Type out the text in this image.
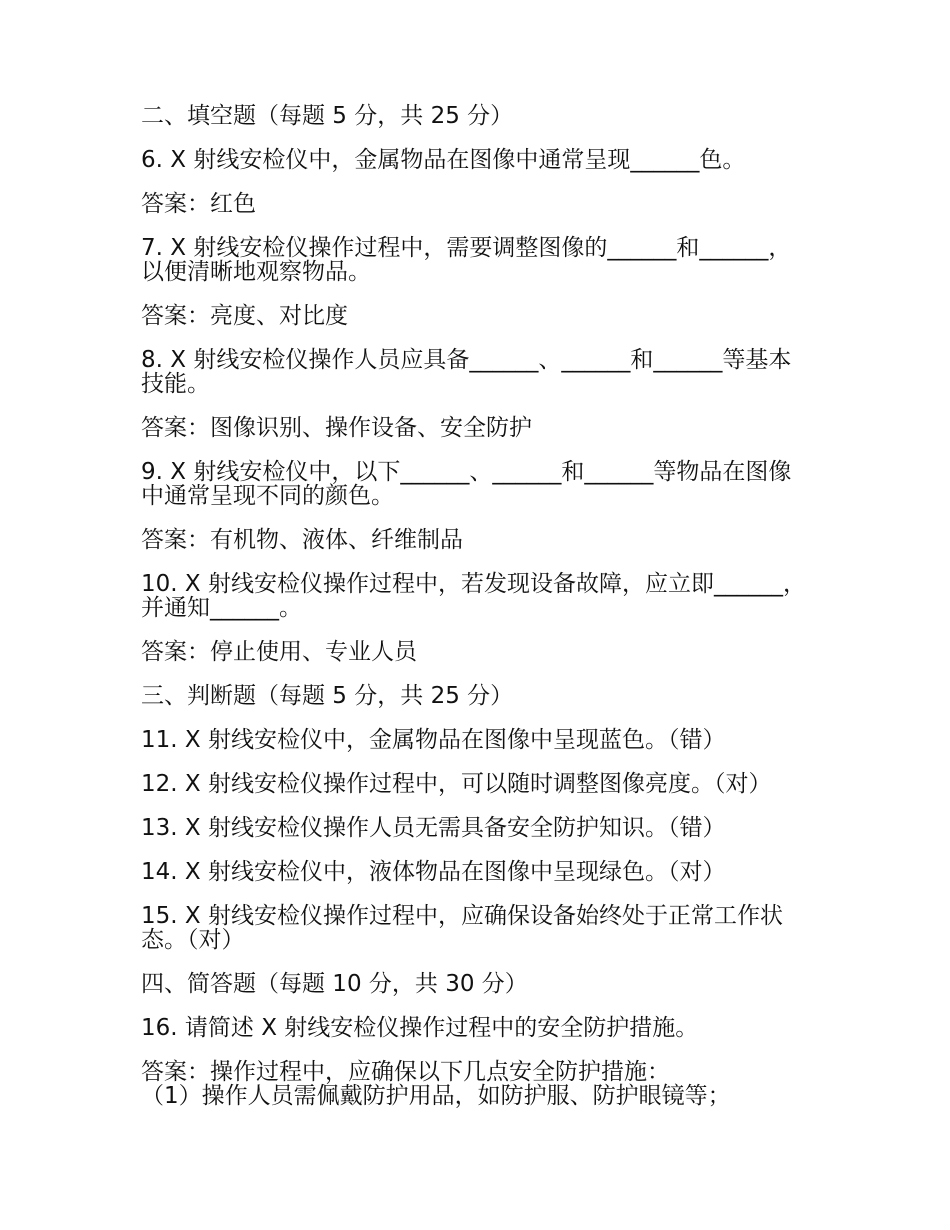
二、填空题（每题 5 分，共 25 分）
6. X 射线安检仪中，金属物品在图像中通常呈现______色。
答案：红色
7. X 射线安检仪操作过程中，需要调整图像的______和______，以便清晰地观察物品。
答案：亮度、对比度
8. X 射线安检仪操作人员应具备______、______和______等基本技能。
答案：图像识别、操作设备、安全防护
9. X 射线安检仪中，以下______、______和______等物品在图像中通常呈现不同的颜色。
答案：有机物、液体、纤维制品
10. X 射线安检仪操作过程中，若发现设备故障，应立即______，并通知______。
答案：停止使用、专业人员
三、判断题（每题 5 分，共 25 分）
11. X 射线安检仪中，金属物品在图像中呈现蓝色。（错）
12. X 射线安检仪操作过程中，可以随时调整图像亮度。（对）
13. X 射线安检仪操作人员无需具备安全防护知识。（错）
14. X 射线安检仪中，液体物品在图像中呈现绿色。（对）
15. X 射线安检仪操作过程中，应确保设备始终处于正常工作状态。（对）
四、简答题（每题 10 分，共 30 分）
16. 请简述 X 射线安检仪操作过程中的安全防护措施。
答案：操作过程中，应确保以下几点安全防护措施：
（1）操作人员需佩戴防护用品，如防护服、防护眼镜等；
